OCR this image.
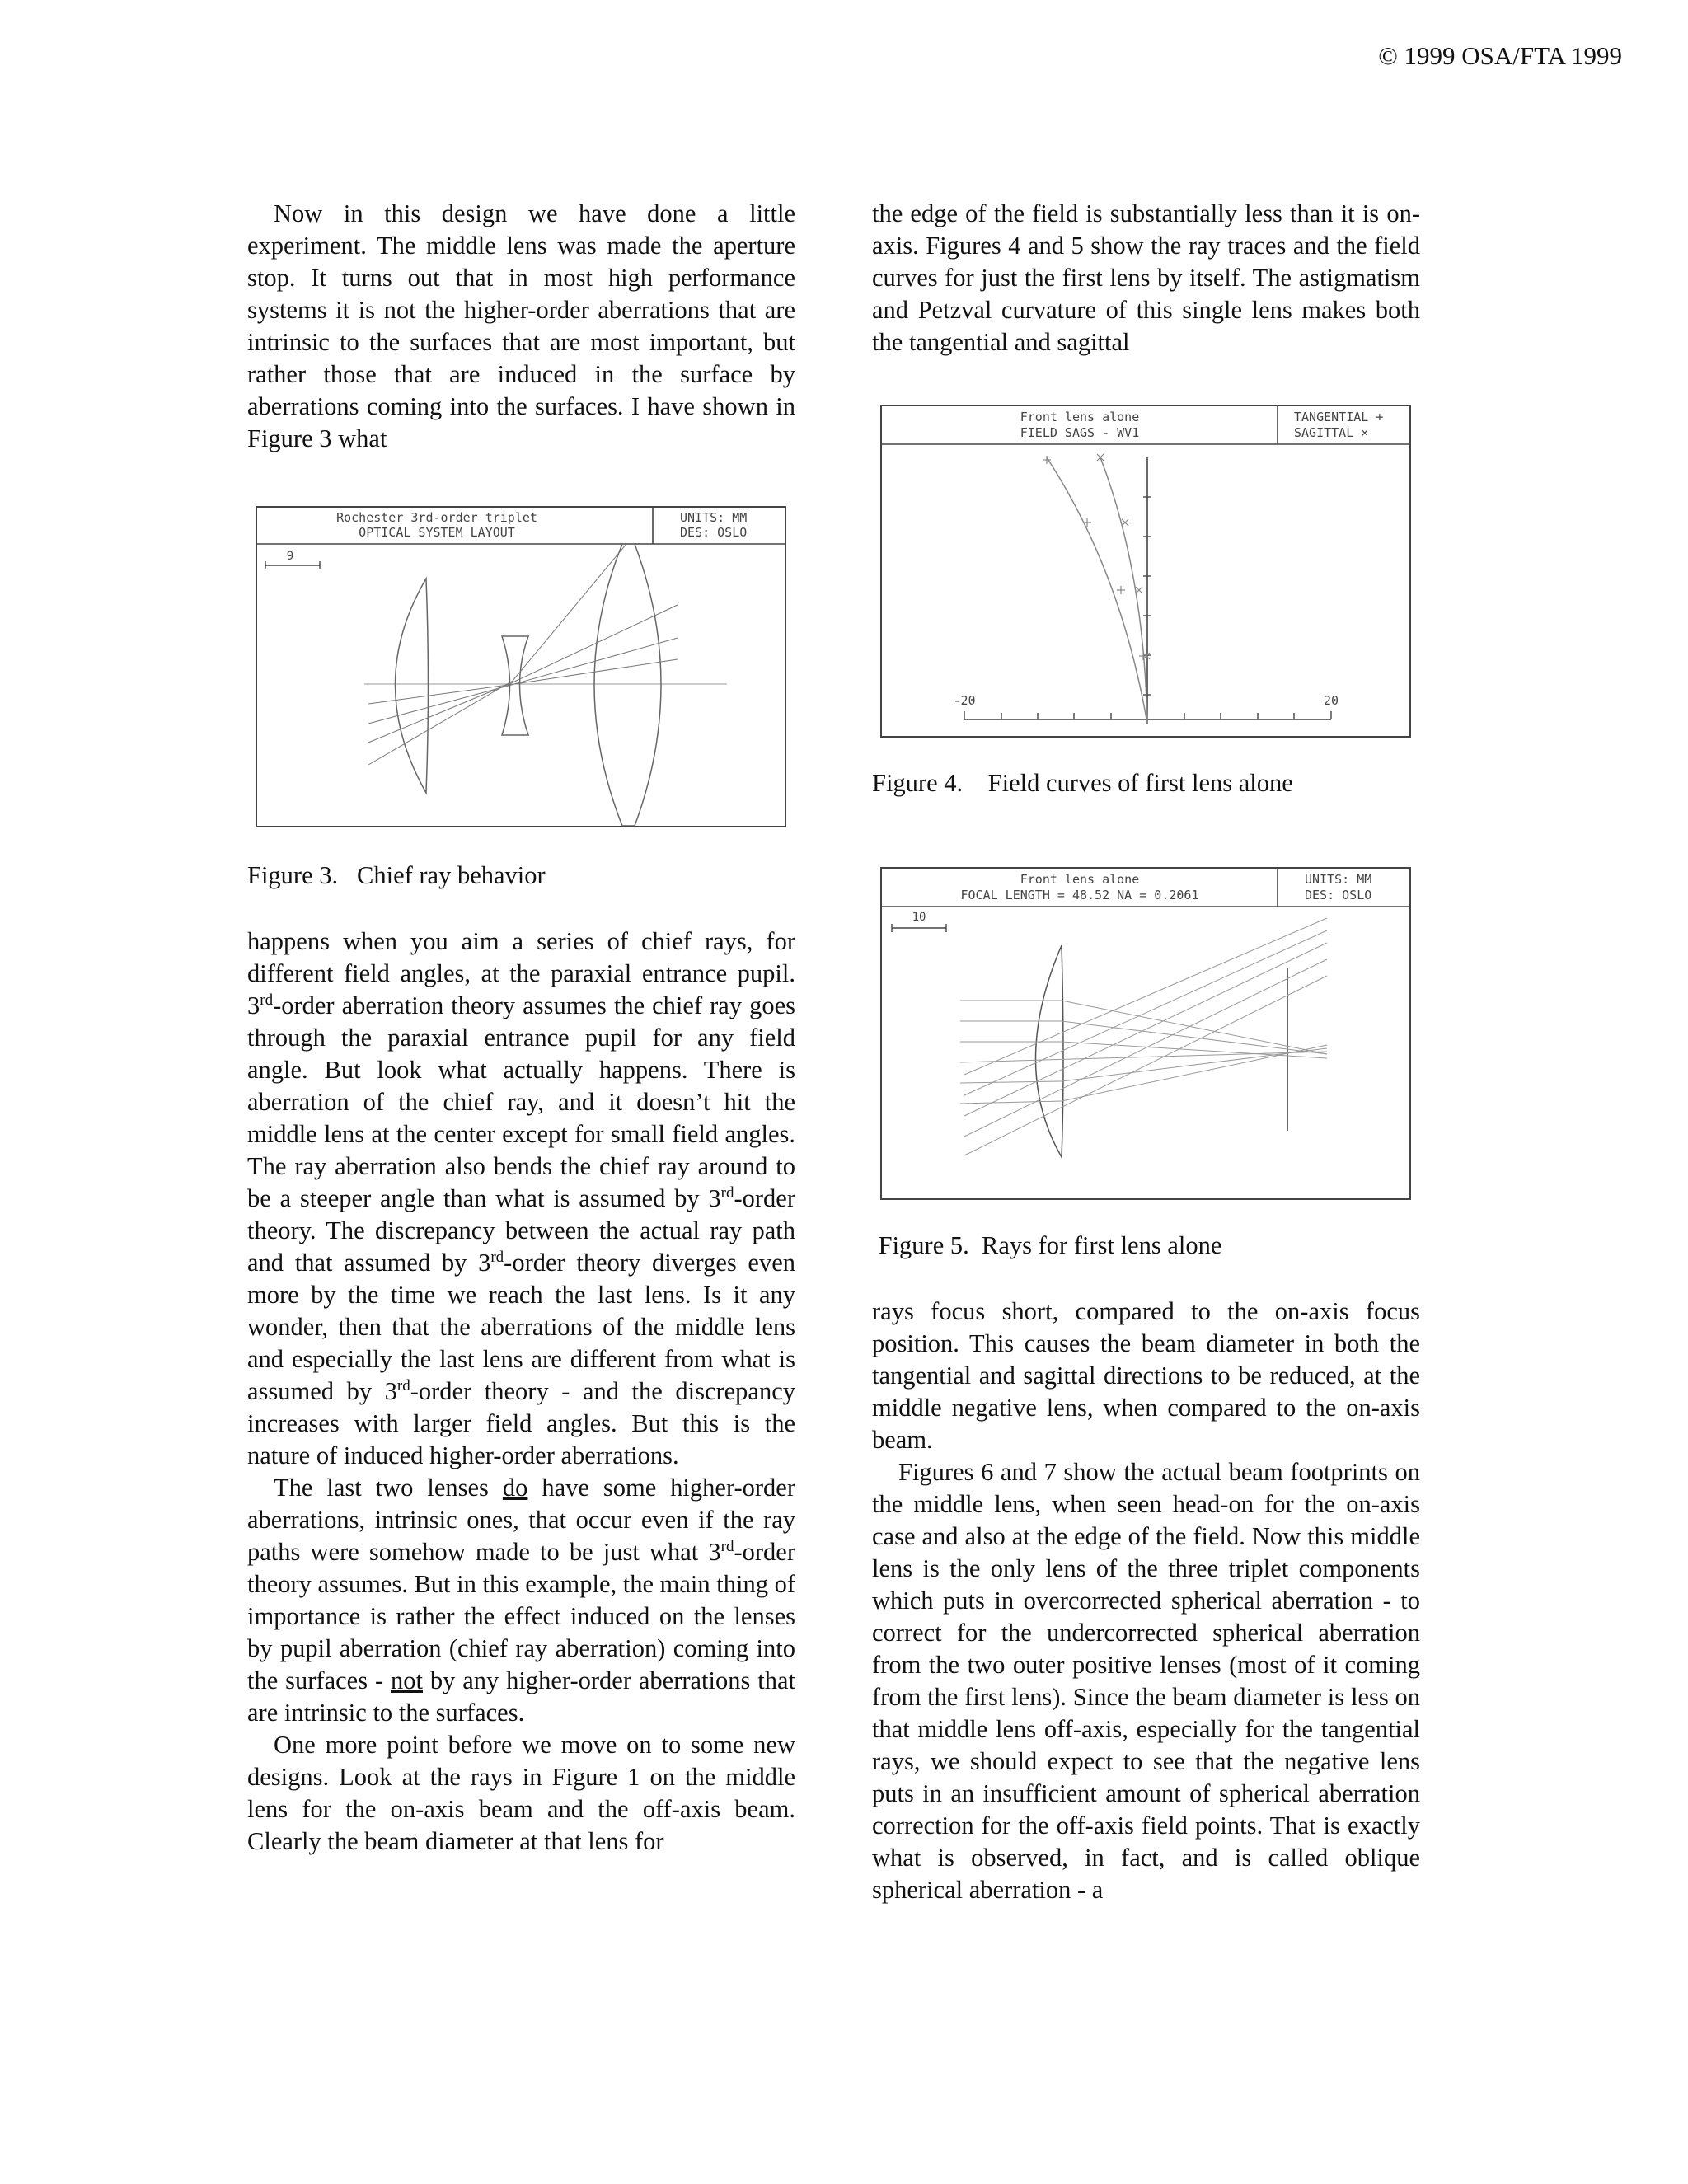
© 1999 OSA/FTA 1999

Now in this design we have done a little experiment. The middle lens was made the aperture stop. It turns out that in most high performance systems it is not the higher-order aberrations that are intrinsic to the surfaces that are most important, but rather those that are induced in the surface by aberrations coming into the surfaces. I have shown in Figure 3 what

Rochester 3rd-order triplet
OPTICAL SYSTEM LAYOUT
UNITS: MM
DES: OSLO
9
Figure 3.   Chief ray behavior

happens when you aim a series of chief rays, for different field angles, at the paraxial entrance pupil. 3rd-order aberration theory assumes the chief ray goes through the paraxial entrance pupil for any field angle. But look what actually happens. There is aberration of the chief ray, and it doesn’t hit the middle lens at the center except for small field angles. The ray aberration also bends the chief ray around to be a steeper angle than what is assumed by 3rd-order theory. The discrepancy between the actual ray path and that assumed by 3rd-order theory diverges even more by the time we reach the last lens. Is it any wonder, then that the aberrations of the middle lens and especially the last lens are different from what is assumed by 3rd-order theory - and the discrepancy increases with larger field angles. But this is the nature of induced higher-order aberrations.

The last two lenses do have some higher-order aberrations, intrinsic ones, that occur even if the ray paths were somehow made to be just what 3rd-order theory assumes. But in this example, the main thing of importance is rather the effect induced on the lenses by pupil aberration (chief ray aberration) coming into the surfaces - not by any higher-order aberrations that are intrinsic to the surfaces.

One more point before we move on to some new designs. Look at the rays in Figure 1 on the middle lens for the on-axis beam and the off-axis beam. Clearly the beam diameter at that lens for

the edge of the field is substantially less than it is on-axis. Figures 4 and 5 show the ray traces and the field curves for just the first lens by itself. The astigmatism and Petzval curvature of this single lens makes both the tangential and sagittal

Front lens alone
FIELD SAGS - WV1
TANGENTIAL +
SAGITTAL ×
-20	20
Figure 4.    Field curves of first lens alone
Front lens alone
FOCAL LENGTH = 48.52 NA = 0.2061
UNITS: MM
DES: OSLO
10
Figure 5.  Rays for first lens alone

rays focus short, compared to the on-axis focus position. This causes the beam diameter in both the tangential and sagittal directions to be reduced, at the middle negative lens, when compared to the on-axis beam.

Figures 6 and 7 show the actual beam footprints on the middle lens, when seen head-on for the on-axis case and also at the edge of the field. Now this middle lens is the only lens of the three triplet components which puts in overcorrected spherical aberration - to correct for the undercorrected spherical aberration from the two outer positive lenses (most of it coming from the first lens). Since the beam diameter is less on that middle lens off-axis, especially for the tangential rays, we should expect to see that the negative lens puts in an insufficient amount of spherical aberration correction for the off-axis field points. That is exactly what is observed, in fact, and is called oblique spherical aberration - a
